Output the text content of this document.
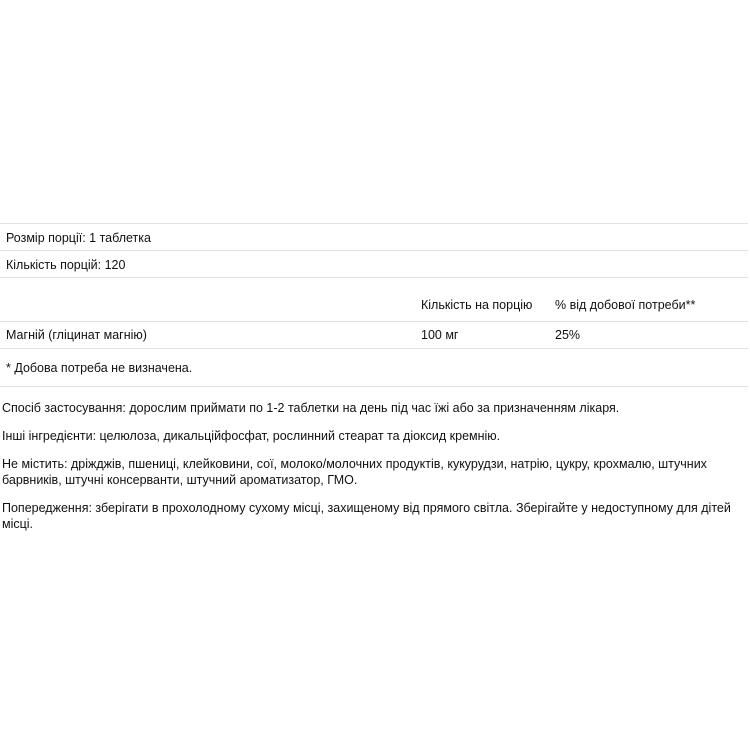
Розмір порції: 1 таблетка
Кількість порцій: 120
Кількість на порцію % від добової потреби**
Магній (гліцинат магнію)	100 мг	25%
* Добова потреба не визначена.

Спосіб застосування: дорослим приймати по 1-2 таблетки на день під час їжі або за призначенням лікаря.

Інші інгредієнти: целюлоза, дикальційфосфат, рослинний стеарат та діоксид кремнію.

Не містить: дріжджів, пшениці, клейковини, сої, молоко/молочних продуктів, кукурудзи, натрію, цукру, крохмалю, штучних барвників, штучні консерванти, штучний ароматизатор, ГМО.

Попередження: зберігати в прохолодному сухому місці, захищеному від прямого світла. Зберігайте у недоступному для дітей місці.
